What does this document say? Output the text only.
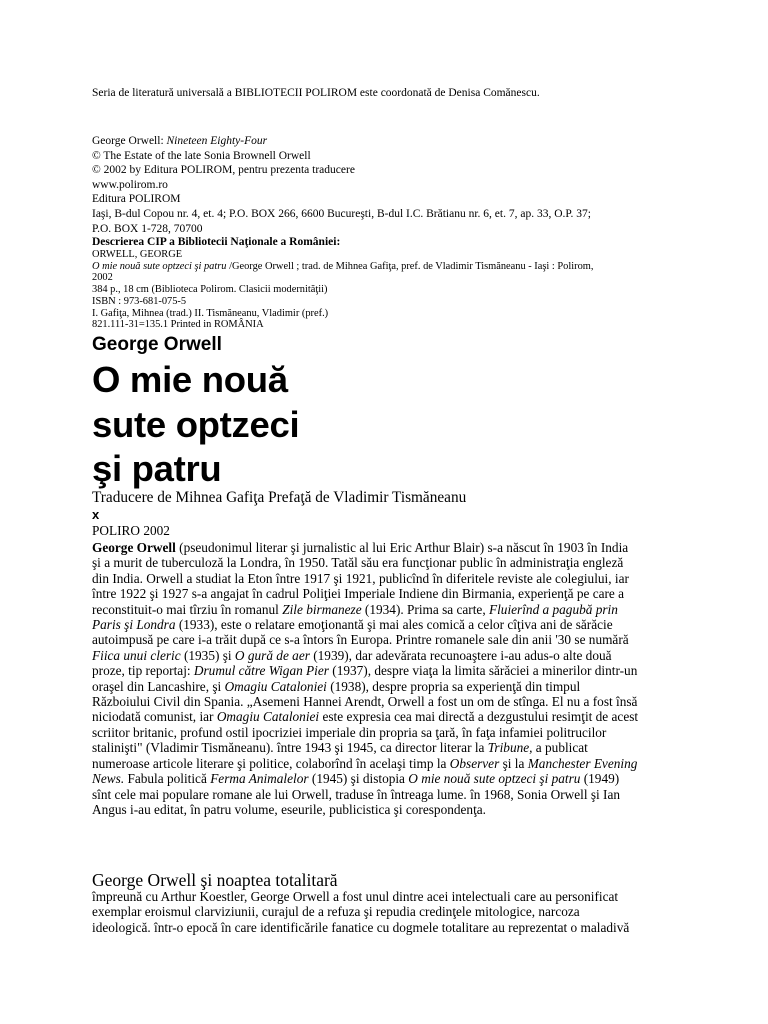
Seria de literatură universală a BIBLIOTECII POLIROM este coordonată de Denisa Comănescu.
George Orwell: Nineteen Eighty-Four
© The Estate of the late Sonia Brownell Orwell
© 2002 by Editura POLIROM, pentru prezenta traducere
www.polirom.ro
Editura POLIROM
Iaşi, B-dul Copou nr. 4, et. 4; P.O. BOX 266, 6600 Bucureşti, B-dul I.C. Brătianu nr. 6, et. 7, ap. 33, O.P. 37;
P.O. BOX 1-728, 70700
Descrierea CIP a Bibliotecii Naţionale a României:
ORWELL, GEORGE
O mie nouă sute optzeci şi patru /George Orwell ; trad. de Mihnea Gafiţa, pref. de Vladimir Tismăneanu - Iaşi : Polirom,
2002
384 p., 18 cm (Biblioteca Polirom. Clasicii modernităţii)
ISBN : 973-681-075-5
I. Gafiţa, Mihnea (trad.) II. Tismăneanu, Vladimir (pref.)
821.111-31=135.1 Printed in ROMÂNIA
George Orwell
O mie nouă
sute optzeci
şi patru
Traducere de Mihnea Gafiţa Prefaţă de Vladimir Tismăneanu
x
POLIRO 2002
George Orwell (pseudonimul literar şi jurnalistic al lui Eric Arthur Blair) s-a născut în 1903 în India
şi a murit de tuberculoză la Londra, în 1950. Tatăl său era funcţionar public în administraţia engleză
din India. Orwell a studiat la Eton între 1917 şi 1921, publicînd în diferitele reviste ale colegiului, iar
între 1922 şi 1927 s-a angajat în cadrul Poliţiei Imperiale Indiene din Birmania, experienţă pe care a
reconstituit-o mai tîrziu în romanul Zile birmaneze (1934). Prima sa carte, Fluierînd a pagubă prin
Paris şi Londra (1933), este o relatare emoţionantă şi mai ales comică a celor cîţiva ani de sărăcie
autoimpusă pe care i-a trăit după ce s-a întors în Europa. Printre romanele sale din anii '30 se numără
Fiica unui cleric (1935) şi O gură de aer (1939), dar adevărata recunoaştere i-au adus-o alte două
proze, tip reportaj: Drumul către Wigan Pier (1937), despre viaţa la limita sărăciei a minerilor dintr-un
oraşel din Lancashire, şi Omagiu Cataloniei (1938), despre propria sa experienţă din timpul
Războiului Civil din Spania. „Asemeni Hannei Arendt, Orwell a fost un om de stînga. El nu a fost însă
niciodată comunist, iar Omagiu Cataloniei este expresia cea mai directă a dezgustului resimţit de acest
scriitor britanic, profund ostil ipocriziei imperiale din propria sa ţară, în faţa infamiei politrucilor
stalinişti" (Vladimir Tismăneanu). între 1943 şi 1945, ca director literar la Tribune, a publicat
numeroase articole literare şi politice, colaborînd în acelaşi timp la Observer şi la Manchester Evening
News. Fabula politică Ferma Animalelor (1945) şi distopia O mie nouă sute optzeci şi patru (1949)
sînt cele mai populare romane ale lui Orwell, traduse în întreaga lume. în 1968, Sonia Orwell şi Ian
Angus i-au editat, în patru volume, eseurile, publicistica şi corespondenţa.
George Orwell şi noaptea totalitară
împreună cu Arthur Koestler, George Orwell a fost unul dintre acei intelectuali care au personificat
exemplar eroismul clarviziunii, curajul de a refuza şi repudia credinţele mitologice, narcoza
ideologică. într-o epocă în care identificările fanatice cu dogmele totalitare au reprezentat o maladivă
